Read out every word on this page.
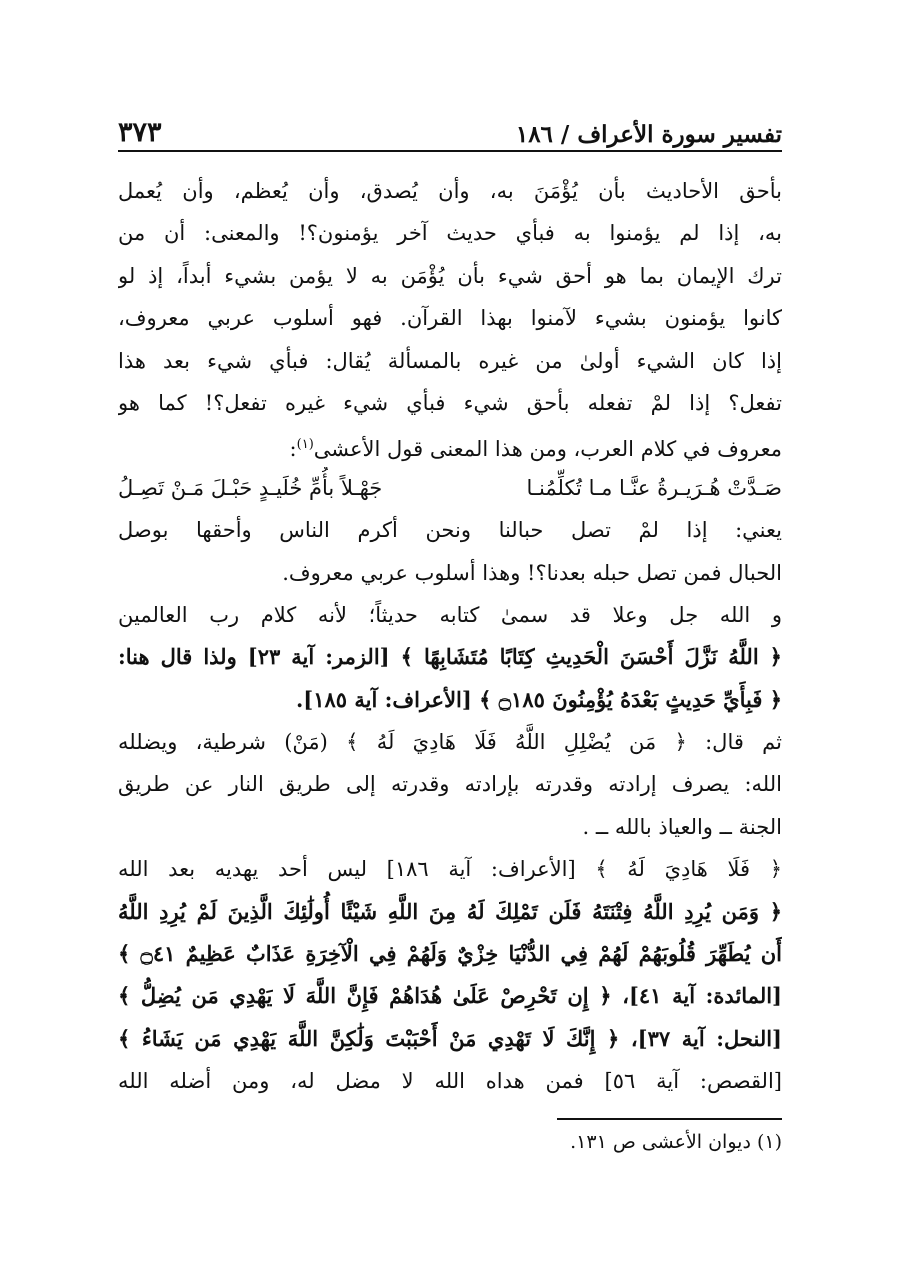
تفسير سورة الأعراف / ١٨٦
٣٧٣
بأحق الأحاديث بأن يُؤْمَنَ به، وأن يُصدق، وأن يُعظم، وأن يُعمل
به، إذا لم يؤمنوا به فبأي حديث آخر يؤمنون؟! والمعنى: أن من
ترك الإيمان بما هو أحق شيء بأن يُؤْمَن به لا يؤمن بشيء أبداً، إذ لو
كانوا يؤمنون بشيء لآمنوا بهذا القرآن. فهو أسلوب عربي معروف،
إذا كان الشيء أولىٰ من غيره بالمسألة يُقال: فبأي شيء بعد هذا
تفعل؟ إذا لمْ تفعله بأحق شيء فبأي شيء غيره تفعل؟! كما هو
معروف في كلام العرب، ومن هذا المعنى قول الأعشى$^{(١)}$:
صَـدَّتْ هُـرَيـرةُ عنَّـا مـا تُكلِّمُنـا
جَهْـلاً بأُمِّ خُلَيـدٍ حَبْـلَ مَـنْ تَصِـلُ
يعني: إذا لمْ تصل حبالنا ونحن أكرم الناس وأحقها بوصل
الحبال فمن تصل حبله بعدنا؟! وهذا أسلوب عربي معروف.
و الله جل وعلا قد سمىٰ كتابه حديثاً؛ لأنه كلام رب العالمين
﴿ اللَّهُ نَزَّلَ أَحْسَنَ الْحَدِيثِ كِتَابًا مُتَشَابِهًا ﴾ [الزمر: آية ٢٣] ولذا قال هنا:
﴿ فَبِأَيِّ حَدِيثٍ بَعْدَهُ يُؤْمِنُونَ ۝١٨٥ ﴾ [الأعراف: آية ١٨٥].
ثم قال: ﴿ مَن يُضْلِلِ اللَّهُ فَلَا هَادِيَ لَهُ ﴾ (مَنْ) شرطية، ويضلله
الله: يصرف إرادته وقدرته بإرادته وقدرته إلى طريق النار عن طريق
الجنة ــ والعياذ بالله ــ .
﴿ فَلَا هَادِيَ لَهُ ﴾ [الأعراف: آية ١٨٦] ليس أحد يهديه بعد الله
﴿ وَمَن يُرِدِ اللَّهُ فِتْنَتَهُ فَلَن تَمْلِكَ لَهُ مِنَ اللَّهِ شَيْئًا أُولَٰئِكَ الَّذِينَ لَمْ يُرِدِ اللَّهُ
أَن يُطَهِّرَ قُلُوبَهُمْ لَهُمْ فِي الدُّنْيَا خِزْيٌ وَلَهُمْ فِي الْآخِرَةِ عَذَابٌ عَظِيمٌ ۝٤١ ﴾
[المائدة: آية ٤١]، ﴿ إِن تَحْرِصْ عَلَىٰ هُدَاهُمْ فَإِنَّ اللَّهَ لَا يَهْدِي مَن يُضِلُّ ﴾
[النحل: آية ٣٧]، ﴿ إِنَّكَ لَا تَهْدِي مَنْ أَحْبَبْتَ وَلَٰكِنَّ اللَّهَ يَهْدِي مَن يَشَاءُ ﴾
[القصص: آية ٥٦] فمن هداه الله لا مضل له، ومن أضله الله
(١) ديوان الأعشى ص ١٣١.
